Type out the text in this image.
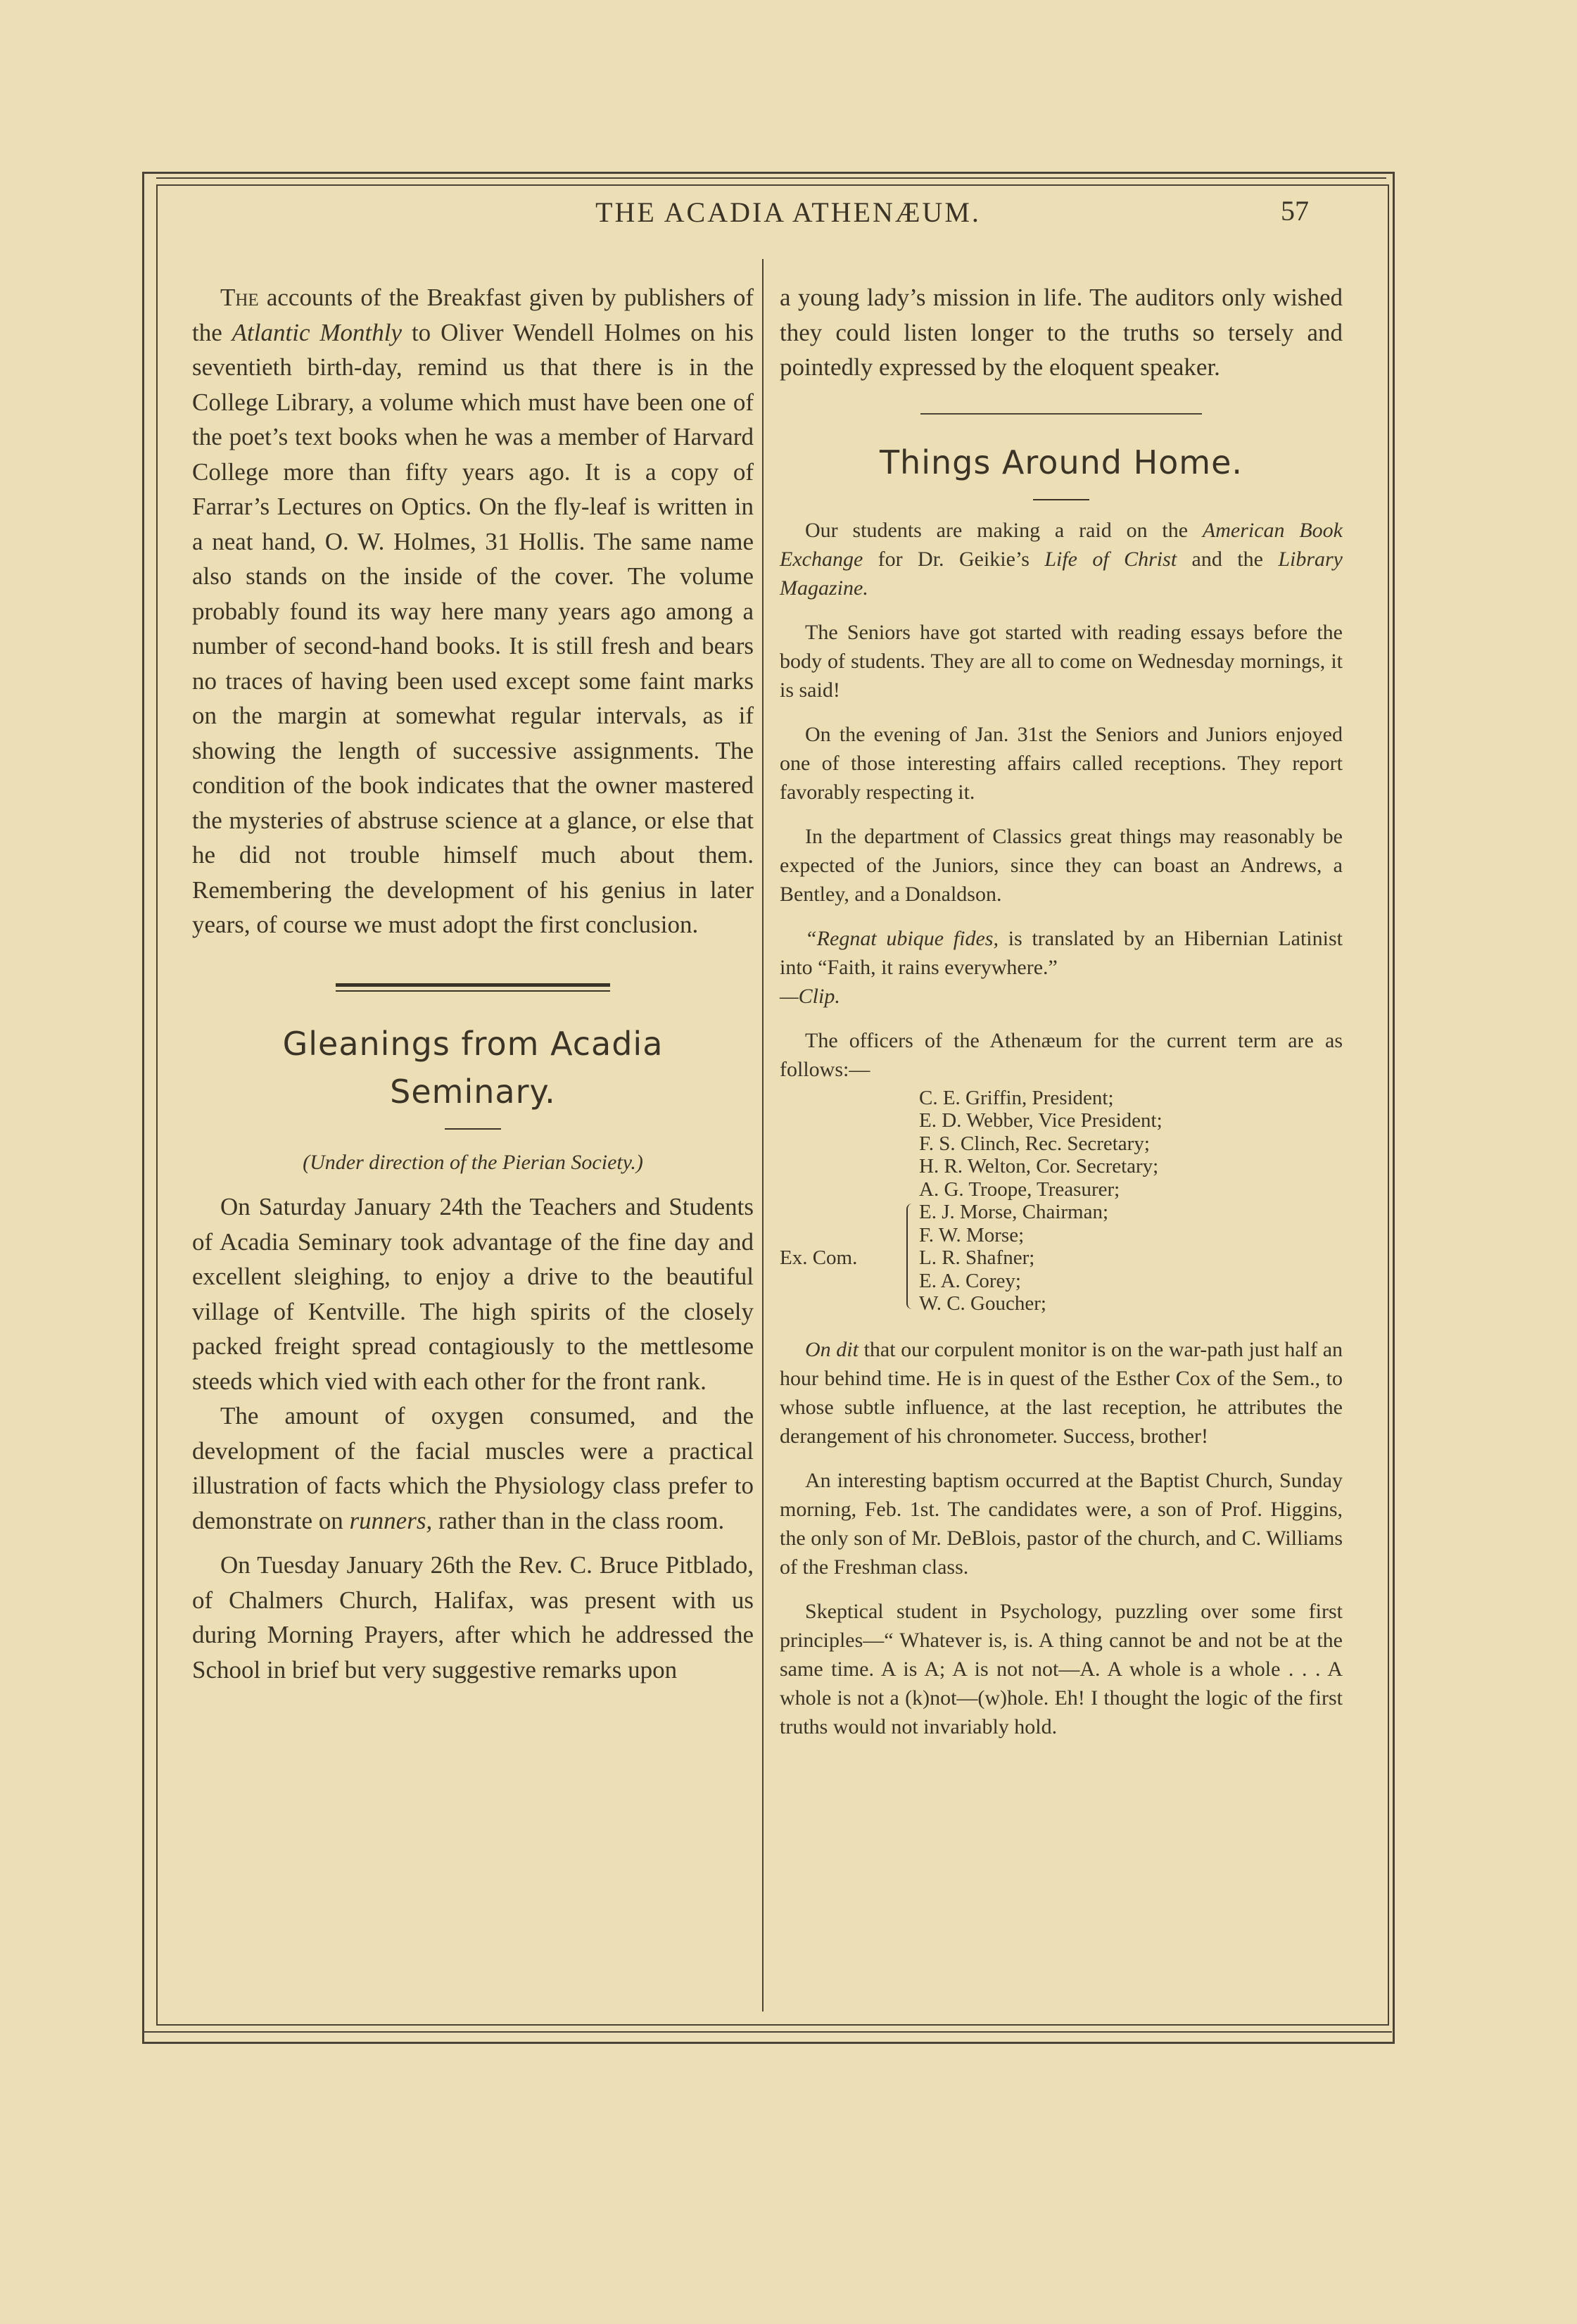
THE ACADIA ATHENÆUM.	57

The accounts of the Breakfast given by publishers of the Atlantic Monthly to Oliver Wendell Holmes on his seventieth birth-day, remind us that there is in the College Library, a volume which must have been one of the poet’s text books when he was a member of Harvard College more than fifty years ago. It is a copy of Farrar’s Lectures on Optics. On the fly-leaf is written in a neat hand, O. W. Holmes, 31 Hollis. The same name also stands on the inside of the cover. The volume probably found its way here many years ago among a number of second-hand books. It is still fresh and bears no traces of having been used except some faint marks on the margin at somewhat regular intervals, as if showing the length of successive assignments. The condition of the book indicates that the owner mastered the mysteries of abstruse science at a glance, or else that he did not trouble himself much about them. Remembering the development of his genius in later years, of course we must adopt the first conclusion.

Gleanings from Acadia
Seminary.

(Under direction of the Pierian Society.)

On Saturday January 24th the Teachers and Students of Acadia Seminary took advantage of the fine day and excellent sleighing, to enjoy a drive to the beautiful village of Kentville. The high spirits of the closely packed freight spread contagiously to the mettlesome steeds which vied with each other for the front rank.

The amount of oxygen consumed, and the development of the facial muscles were a practical illustration of facts which the Physiology class prefer to demonstrate on runners, rather than in the class room.

On Tuesday January 26th the Rev. C. Bruce Pitblado, of Chalmers Church, Halifax, was present with us during Morning Prayers, after which he addressed the School in brief but very suggestive remarks upon

a young lady’s mission in life. The auditors only wished they could listen longer to the truths so tersely and pointedly expressed by the eloquent speaker.

Things Around Home.

Our students are making a raid on the American Book Exchange for Dr. Geikie’s Life of Christ and the Library Magazine.

The Seniors have got started with reading essays before the body of students. They are all to come on Wednesday mornings, it is said!

On the evening of Jan. 31st the Seniors and Juniors enjoyed one of those interesting affairs called receptions. They report favorably respecting it.

In the department of Classics great things may reasonably be expected of the Juniors, since they can boast an Andrews, a Bentley, and a Donaldson.

“Regnat ubique fides, is translated by an Hibernian Latinist into “Faith, it rains everywhere.”
—Clip.

The officers of the Athenæum for the current term are as follows:—

C. E. Griffin, President;
E. D. Webber, Vice President;
F. S. Clinch, Rec. Secretary;
H. R. Welton, Cor. Secretary;
A. G. Troope, Treasurer;
Ex. Com.
E. J. Morse, Chairman;
F. W. Morse;
L. R. Shafner;
E. A. Corey;
W. C. Goucher;

On dit that our corpulent monitor is on the war-path just half an hour behind time. He is in quest of the Esther Cox of the Sem., to whose subtle influence, at the last reception, he attributes the derangement of his chronometer. Success, brother!

An interesting baptism occurred at the Baptist Church, Sunday morning, Feb. 1st. The candidates were, a son of Prof. Higgins, the only son of Mr. DeBlois, pastor of the church, and C. Williams of the Freshman class.

Skeptical student in Psychology, puzzling over some first principles—“ Whatever is, is. A thing cannot be and not be at the same time. A is A; A is not not—A. A whole is a whole . . . A whole is not a (k)not—(w)hole. Eh! I thought the logic of the first truths would not invariably hold.
